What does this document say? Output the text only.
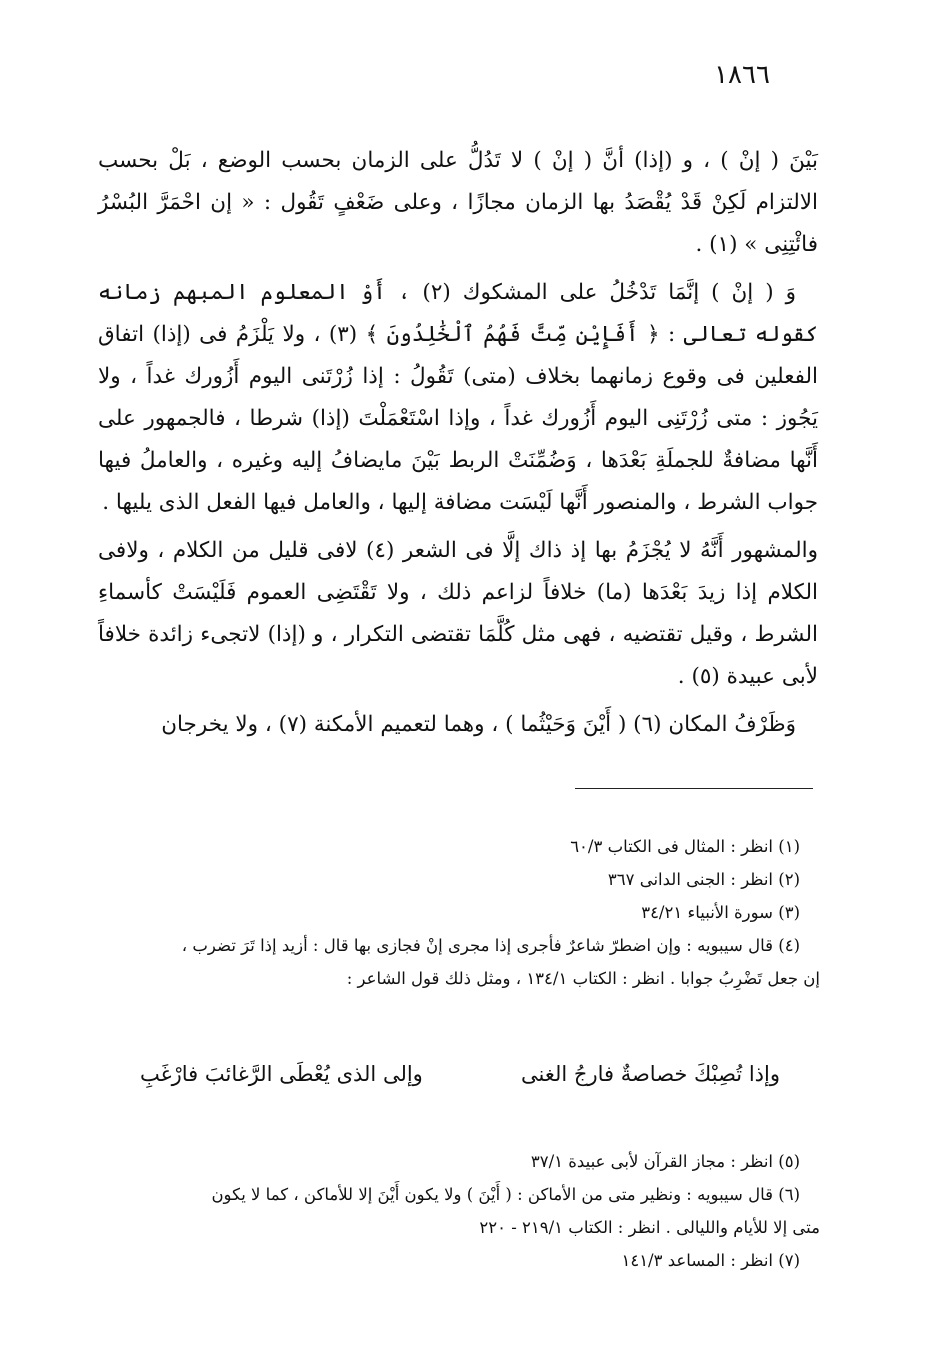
١٨٦٦

بَيْنَ ( إنْ ) ، و (إذا) أنَّ ( إنْ ) لا تَدُلُّ على الزمان بحسب الوضع ، بَلْ بحسب الالتزام لَكِنْ قَدْ يُقْصَدُ بها الزمان مجازًا ، وعلى ضَعْفٍ تَقُول : « إن احْمَرَّ البُسْرُ فائْتِنِى » (١) .

وَ ( إنْ ) إنَّمَا تَدْخُلُ على المشكوك (٢) ، أَوْ المعلوم المبهم زمانه كقوله تعالى : ﴿ أَفَإِيْن مِّتَّ فَهُمُ ٱلْخَٰلِدُونَ ﴾ (٣) ، ولا يَلْزَمُ فى (إذا) اتفاق الفعلين فى وقوع زمانهما بخلاف (متى) تَقُولُ : إذا زُرْتَنى اليوم أَزُورك غداً ، ولا يَجُوز : متى زُرْتَنِى اليوم أَزُورك غداً ، وإذا اسْتَعْمَلْتَ (إذا) شرطا ، فالجمهور على أَنَّها مضافةٌ للجملَةِ بَعْدَها ، وَضُمِّنَتْ الربط بَيْنَ مايضافُ إليه وغيره ، والعاملُ فيها جواب الشرط ، والمنصور أَنَّها لَيْسَت مضافة إليها ، والعامل فيها الفعل الذى يليها .

والمشهور أَنَّهُ لا يُجْزَمُ بها إذ ذاك إلَّا فى الشعر (٤) لافى قليل من الكلام ، ولافى الكلام إذا زيدَ بَعْدَها (ما) خلافاً لزاعم ذلك ، ولا تَقْتَضِى العموم فَلَيْسَتْ كأسماءِ الشرط ، وقيل تقتضيه ، فهى مثل كُلَّمَا تقتضى التكرار ، و (إذا) لاتجىء زائدة خلافاً لأبى عبيدة (٥) .

وَظَرْفُ المكان (٦) ( أَيْنَ وَحَيْثُما ) ، وهما لتعميم الأمكنة (٧) ، ولا يخرجان

(١) انظر : المثال فى الكتاب ٦٠/٣

(٢) انظر : الجنى الدانى ٣٦٧

(٣) سورة الأنبياء ٣٤/٢١

(٤) قال سيبويه : وإن اضطرّ شاعرٌ فأجرى إذا مجرى إنْ فجازى بها قال : أزيد إذا تَرَ تضرب ،

إن جعل تَضْرِبُ جوابا . انظر : الكتاب ١٣٤/١ ، ومثل ذلك قول الشاعر :

وإذا تُصِبْكَ خصاصةٌ فارجُ الغنى
وإلى الذى يُعْطَى الرَّغائبَ فارْغَبِ

(٥) انظر : مجاز القرآن لأبى عبيدة ٣٧/١

(٦) قال سيبويه : ونظير متى من الأماكن : ( أَيْنَ ) ولا يكون أَيْنَ إلا للأماكن ، كما لا يكون

متى إلا للأيام والليالى . انظر : الكتاب ٢١٩/١ - ٢٢٠

(٧) انظر : المساعد ١٤١/٣
